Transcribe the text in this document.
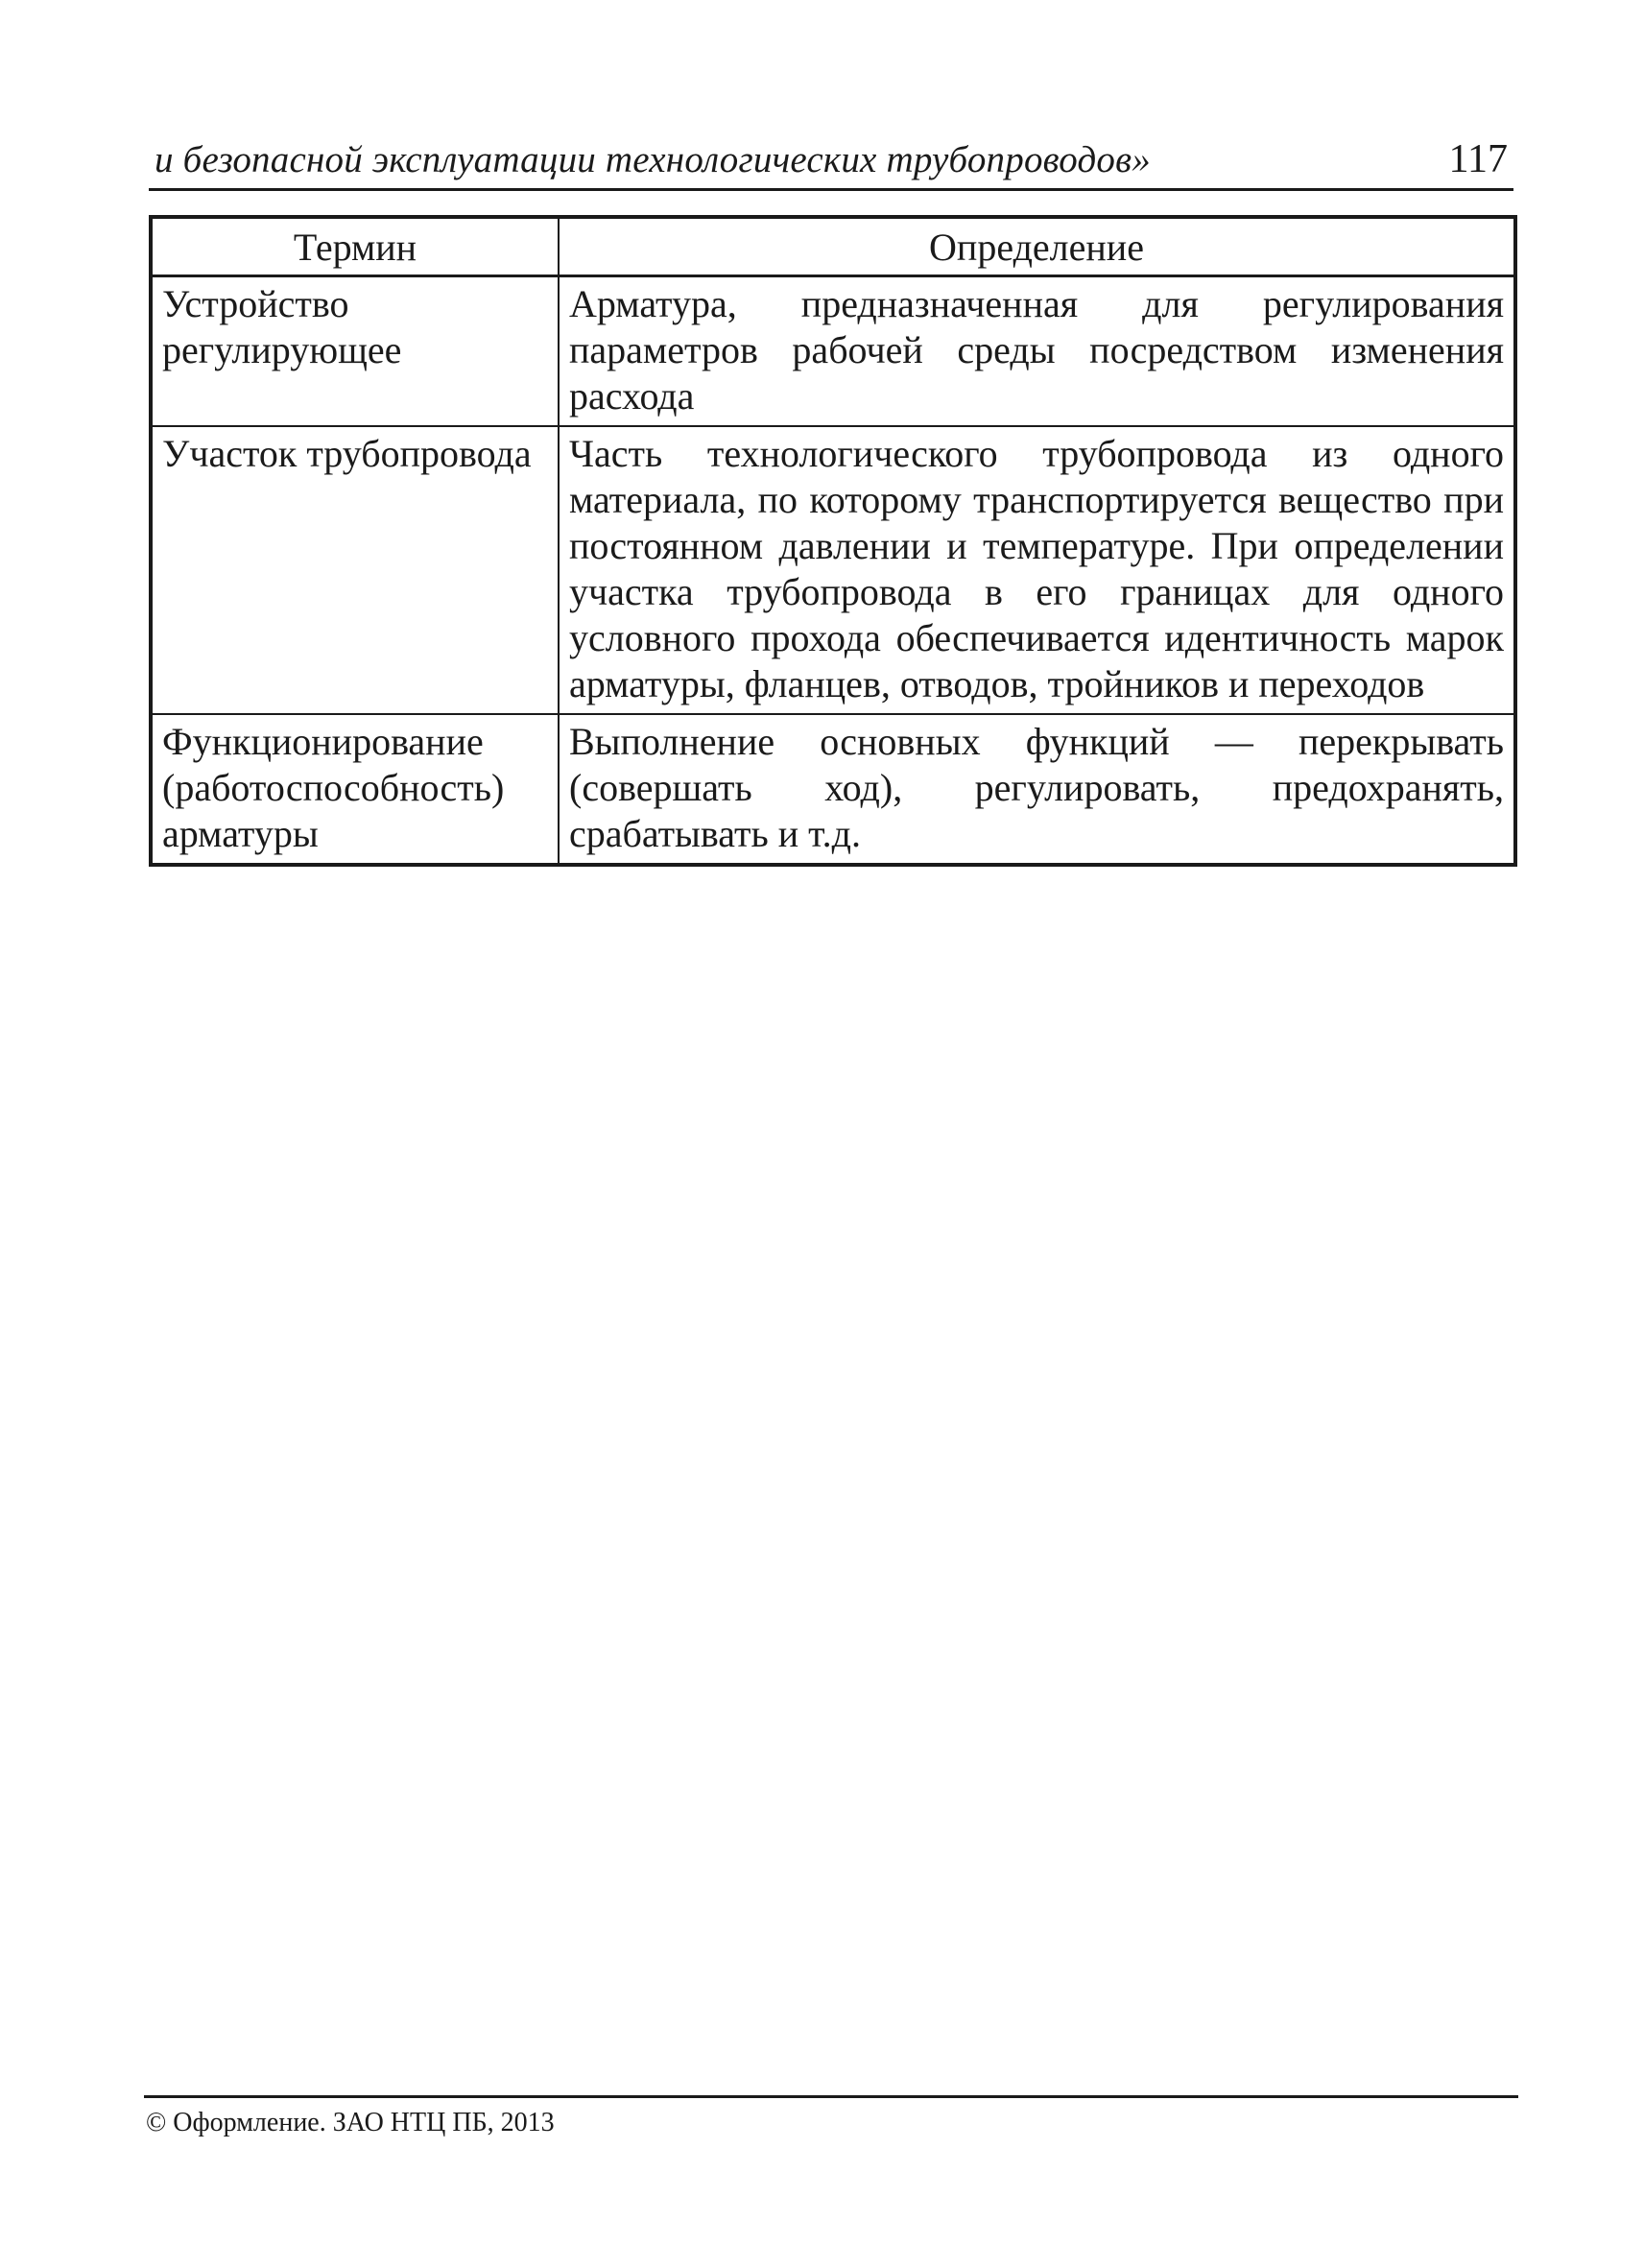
и безопасной эксплуатации технологических трубопроводов»	117
Термин	Определение
Устройство регулирующее	Арматура, предназначенная для регулирования параметров рабочей среды посредством изменения расхода
Участок трубопровода	Часть технологического трубопровода из одного материала, по которому транспортируется вещество при постоянном давлении и температуре. При определении участка трубопровода в его границах для одного условного прохода обеспечивается идентичность марок арматуры, фланцев, отводов, тройников и переходов
Функционирование (работоспособность) арматуры	Выполнение основных функций — перекрывать (совершать ход), регулировать, предохранять, срабатывать и т.д.
© Оформление. ЗАО НТЦ ПБ, 2013
